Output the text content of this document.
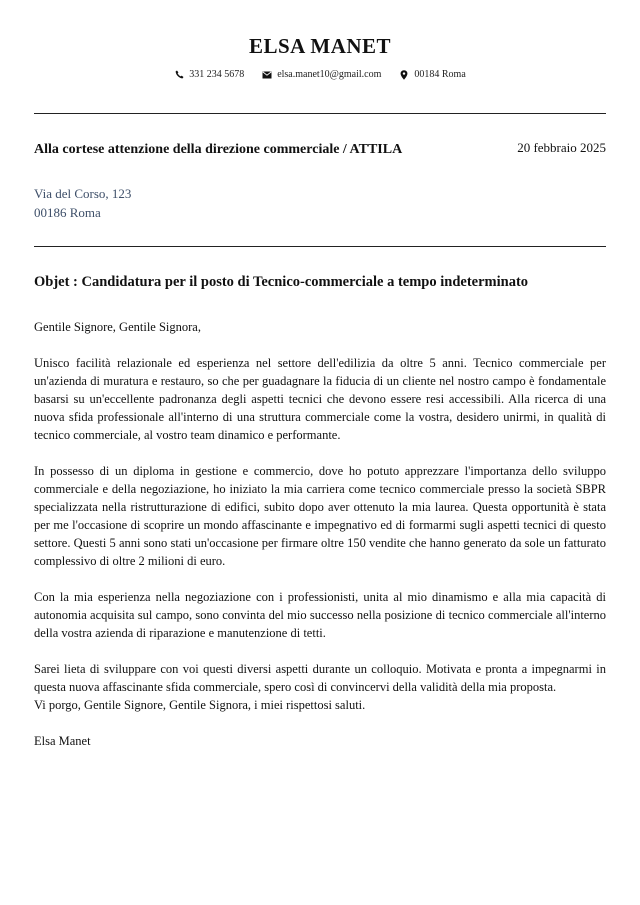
ELSA MANET
331 234 5678	elsa.manet10@gmail.com	00184 Roma
Alla cortese attenzione della direzione commerciale / ATTILA	20 febbraio 2025
Via del Corso, 123
00186 Roma
Objet : Candidatura per il posto di Tecnico-commerciale a tempo indeterminato

Gentile Signore, Gentile Signora,

Unisco facilità relazionale ed esperienza nel settore dell'edilizia da oltre 5 anni. Tecnico commerciale per un'azienda di muratura e restauro, so che per guadagnare la fiducia di un cliente nel nostro campo è fondamentale basarsi su un'eccellente padronanza degli aspetti tecnici che devono essere resi accessibili. Alla ricerca di una nuova sfida professionale all'interno di una struttura commerciale come la vostra, desidero unirmi, in qualità di tecnico commerciale, al vostro team dinamico e performante.

In possesso di un diploma in gestione e commercio, dove ho potuto apprezzare l'importanza dello sviluppo commerciale e della negoziazione, ho iniziato la mia carriera come tecnico commerciale presso la società SBPR specializzata nella ristrutturazione di edifici, subito dopo aver ottenuto la mia laurea. Questa opportunità è stata per me l'occasione di scoprire un mondo affascinante e impegnativo ed di formarmi sugli aspetti tecnici di questo settore. Questi 5 anni sono stati un'occasione per firmare oltre 150 vendite che hanno generato da sole un fatturato complessivo di oltre 2 milioni di euro.

Con la mia esperienza nella negoziazione con i professionisti, unita al mio dinamismo e alla mia capacità di autonomia acquisita sul campo, sono convinta del mio successo nella posizione di tecnico commerciale all'interno della vostra azienda di riparazione e manutenzione di tetti.

Sarei lieta di sviluppare con voi questi diversi aspetti durante un colloquio. Motivata e pronta a impegnarmi in questa nuova affascinante sfida commerciale, spero così di convincervi della validità della mia proposta.

Vi porgo, Gentile Signore, Gentile Signora, i miei rispettosi saluti.

Elsa Manet
